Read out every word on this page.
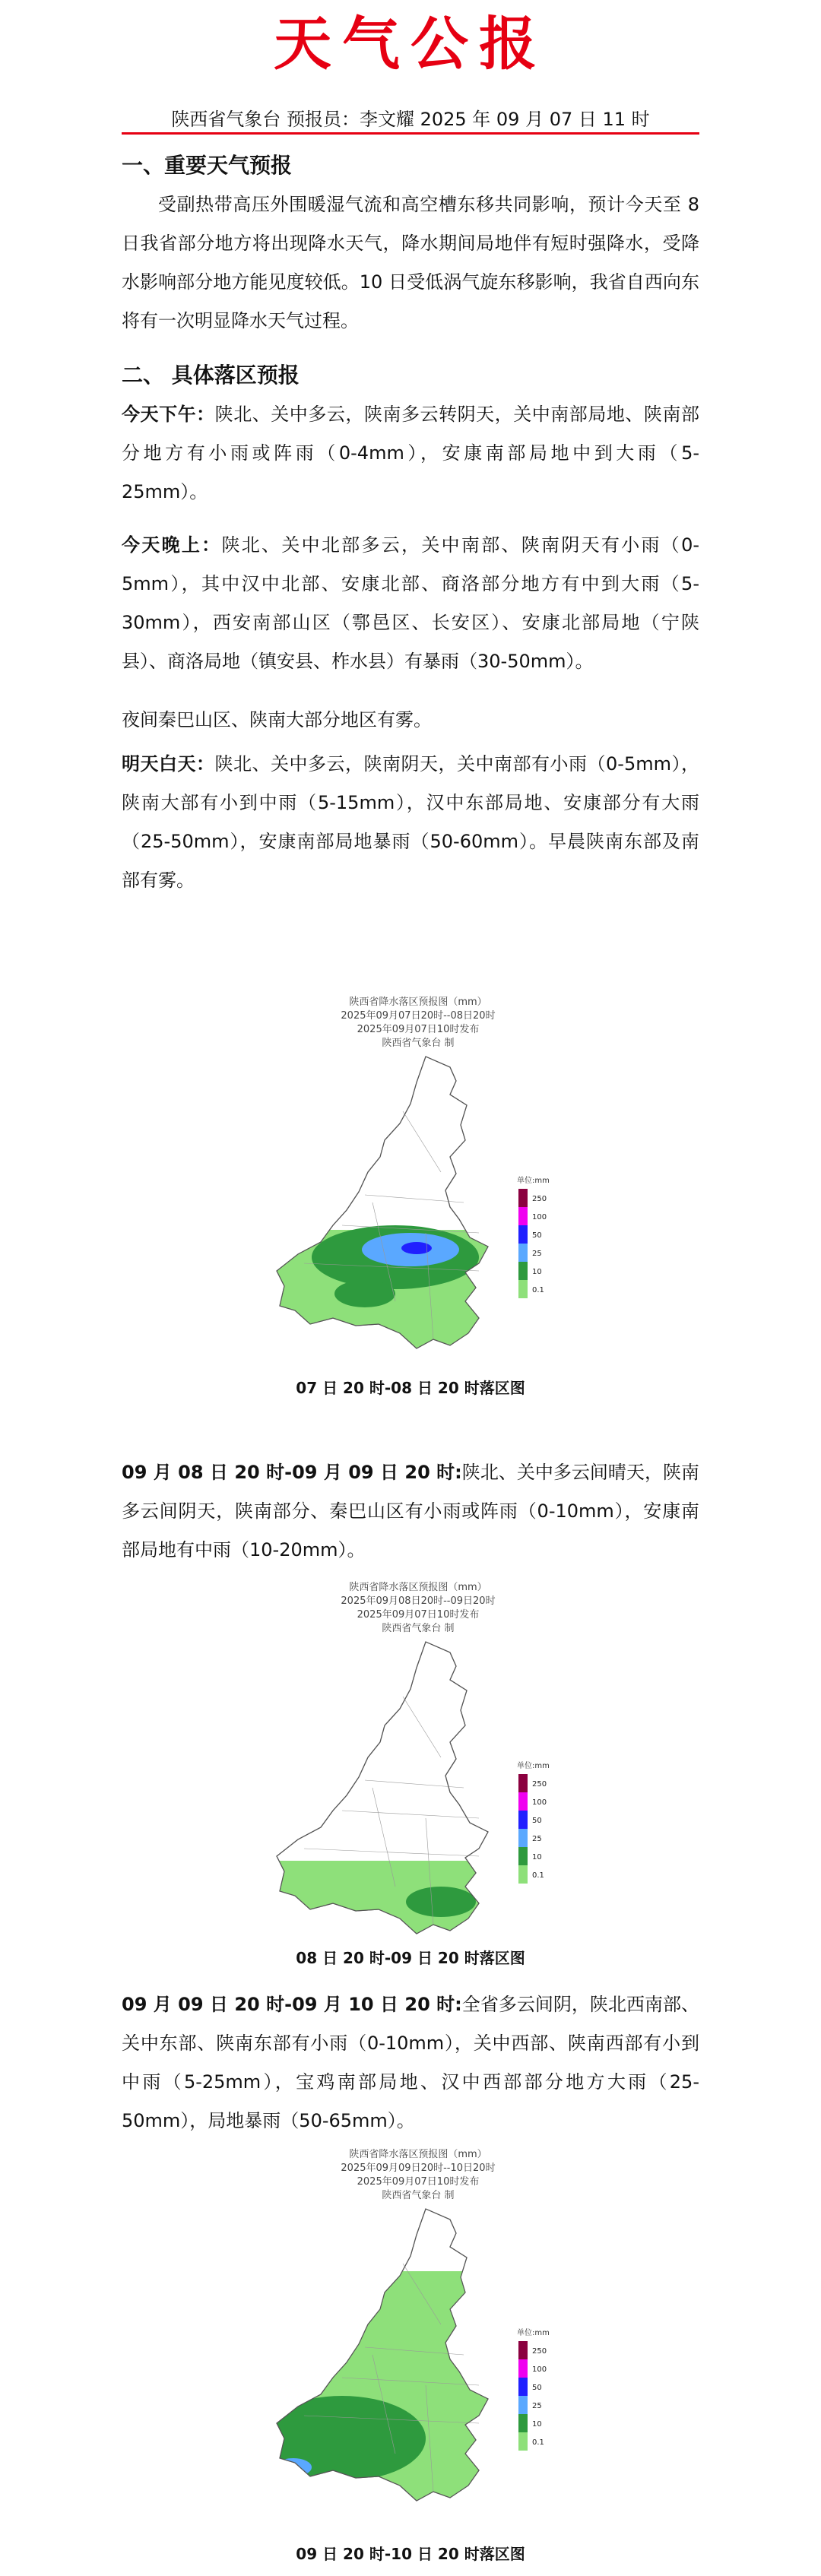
天气公报
陕西省气象台 预报员：李文耀 2025 年 09 月 07 日 11 时
一、重要天气预报
受副热带高压外围暖湿气流和高空槽东移共同影响，预计今天至 8 日我省部分地方将出现降水天气，降水期间局地伴有短时强降水，受降水影响部分地方能见度较低。10 日受低涡气旋东移影响，我省自西向东将有一次明显降水天气过程。
二、 具体落区预报
今天下午：陕北、关中多云，陕南多云转阴天，关中南部局地、陕南部分地方有小雨或阵雨（0-4mm），安康南部局地中到大雨（5-25mm）。
今天晚上：陕北、关中北部多云，关中南部、陕南阴天有小雨（0-5mm），其中汉中北部、安康北部、商洛部分地方有中到大雨（5-30mm），西安南部山区（鄠邑区、长安区）、安康北部局地（宁陕县）、商洛局地（镇安县、柞水县）有暴雨（30-50mm）。
夜间秦巴山区、陕南大部分地区有雾。
明天白天：陕北、关中多云，陕南阴天，关中南部有小雨（0-5mm），陕南大部有小到中雨（5-15mm），汉中东部局地、安康部分有大雨（25-50mm），安康南部局地暴雨（50-60mm）。早晨陕南东部及南部有雾。
陕西省降水落区预报图（mm）
2025年09月07日20时--08日20时
2025年09月07日10时发布
陕西省气象台 制
单位:mm
250
100
50
25
10
0.1
07 日 20 时-08 日 20 时落区图
09 月 08 日 20 时-09 月 09 日 20 时:陕北、关中多云间晴天，陕南多云间阴天，陕南部分、秦巴山区有小雨或阵雨（0-10mm），安康南部局地有中雨（10-20mm）。
陕西省降水落区预报图（mm）
2025年09月08日20时--09日20时
2025年09月07日10时发布
陕西省气象台 制
单位:mm
250
100
50
25
10
0.1
08 日 20 时-09 日 20 时落区图
09 月 09 日 20 时-09 月 10 日 20 时:全省多云间阴，陕北西南部、关中东部、陕南东部有小雨（0-10mm），关中西部、陕南西部有小到中雨（5-25mm），宝鸡南部局地、汉中西部部分地方大雨（25-50mm），局地暴雨（50-65mm）。
陕西省降水落区预报图（mm）
2025年09月09日20时--10日20时
2025年09月07日10时发布
陕西省气象台 制
单位:mm
250
100
50
25
10
0.1
09 日 20 时-10 日 20 时落区图
